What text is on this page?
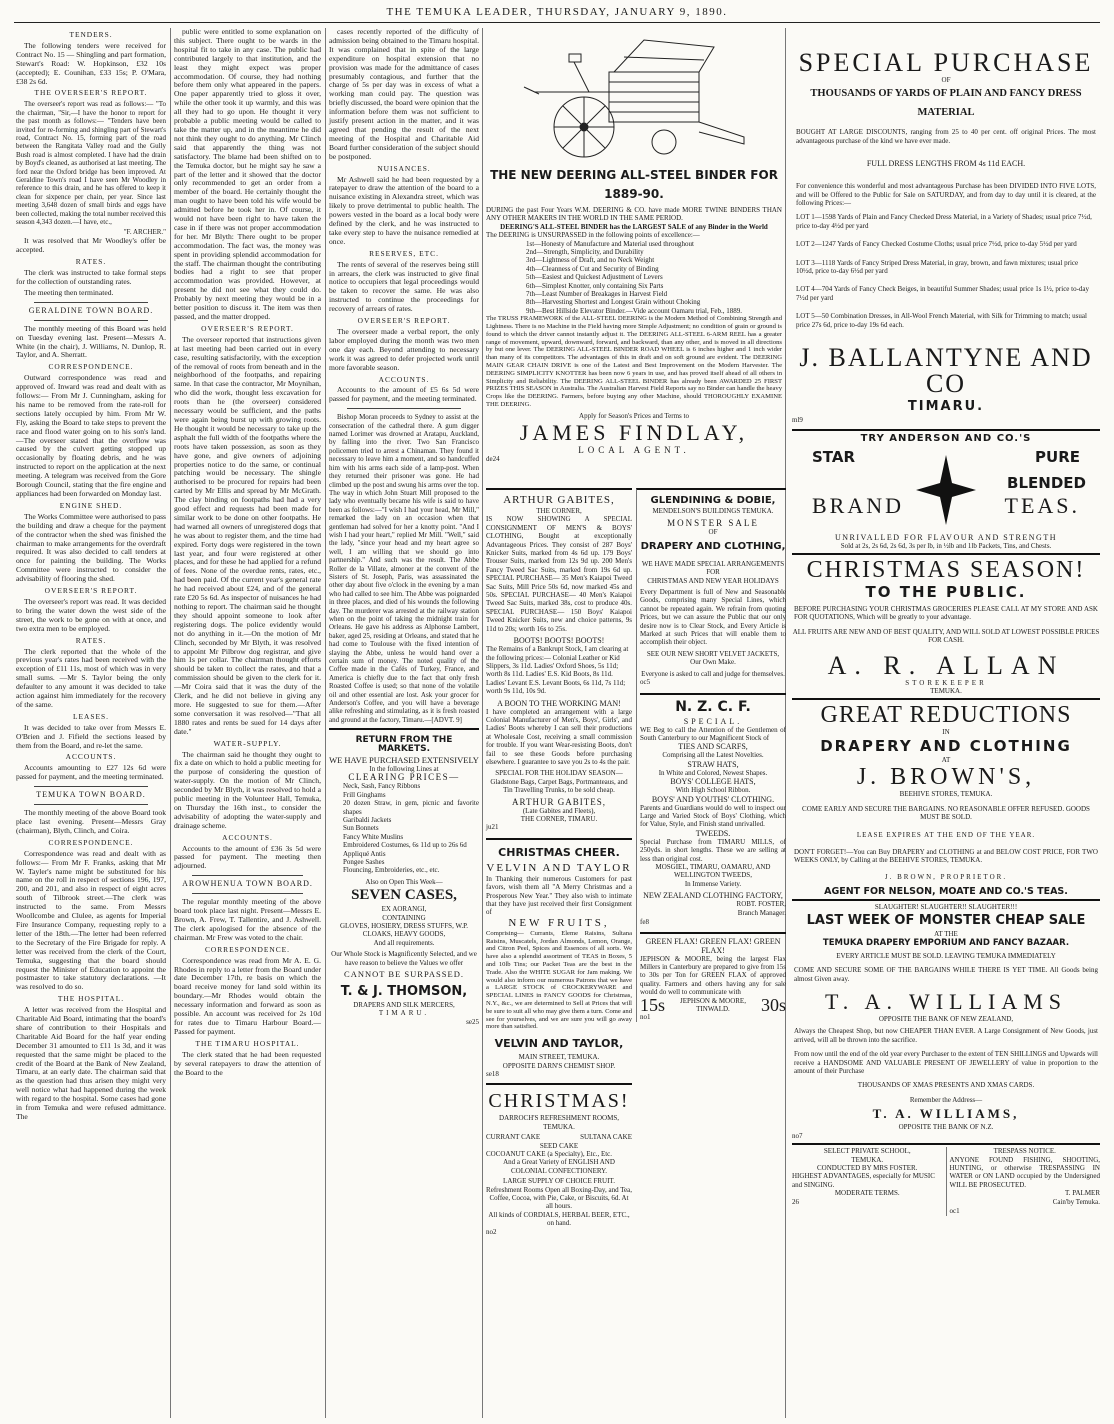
THE TEMUKA LEADER, THURSDAY, JANUARY 9, 1890.
TENDERS.

The following tenders were received for Contract No. 15 — Shingling and part formation, Stewart's Road: W. Hopkinson, £32 10s (accepted); E. Counihan, £33 15s; P. O'Mara, £38 2s 6d.

THE OVERSEER'S REPORT.

The overseer's report was read as follows:— "To the chairman, "Sir,—I have the honor to report for the past month as follows:— "Tenders have been invited for re-forming and shingling part of Stewart's road, Contract No. 15, forming part of the road between the Rangitata Valley road and the Gully Bush road is almost completed. I have had the drain by Boyd's cleaned, as authorised at last meeting. The ford near the Oxford bridge has been improved. At Geraldine Town's road I have seen Mr Woodley in reference to this drain, and he has offered to keep it clean for sixpence per chain, per year. Since last meeting 3,648 dozen of small birds and eggs have been collected, making the total number received this season 4,343 dozen.—I have, etc.,

"F. ARCHER."

It was resolved that Mr Woodley's offer be accepted.

RATES.

The clerk was instructed to take formal steps for the collection of outstanding rates.

The meeting then terminated.

GERALDINE TOWN BOARD.

The monthly meeting of this Board was held on Tuesday evening last. Present—Messrs A. White (in the chair), J. Williams, N. Dunlop, R. Taylor, and A. Sherratt.

CORRESPONDENCE.

Outward correspondence was read and approved of. Inward was read and dealt with as follows:— From Mr J. Cunningham, asking for his name to be removed from the rate-roll for sections lately occupied by him. From Mr W. Fly, asking the Board to take steps to prevent the race and flood water going on to his son's land. —The overseer stated that the overflow was caused by the culvert getting stopped up occasionally by floating debris, and he was instructed to report on the application at the next meeting. A telegram was received from the Gore Borough Council, stating that the fire engine and appliances had been forwarded on Monday last.

ENGINE SHED.

The Works Committee were authorised to pass the building and draw a cheque for the payment of the contractor when the shed was finished the chairman to make arrangements for the overdraft required. It was also decided to call tenders at once for painting the building. The Works Committee were instructed to consider the advisability of flooring the shed.

OVERSEER'S REPORT.

The overseer's report was read. It was decided to bring the water down the west side of the street, the work to be gone on with at once, and two extra men to be employed.

RATES.

The clerk reported that the whole of the previous year's rates had been received with the exception of £11 11s, most of which was in very small sums. —Mr S. Taylor being the only defaulter to any amount it was decided to take action against him immediately for the recovery of the same.

LEASES.

It was decided to take over from Messrs E. O'Brien and J. Fifield the sections leased by them from the Board, and re-let the same.

ACCOUNTS.

Accounts amounting to £27 12s 6d were passed for payment, and the meeting terminated.

TEMUKA TOWN BOARD.

The monthly meeting of the above Board took place last evening. Present—Messrs Gray (chairman), Blyth, Clinch, and Coira.

CORRESPONDENCE.

Correspondence was read and dealt with as follows:— From Mr F. Franks, asking that Mr W. Tayler's name might be substituted for his name on the roll in respect of sections 196, 197, 200, and 201, and also in respect of eight acres south of Tilbrook street.—The clerk was instructed to the same. From Messrs Woollcombe and Clulee, as agents for Imperial Fire Insurance Company, requesting reply to a letter of the 18th.—The letter had been referred to the Secretary of the Fire Brigade for reply. A letter was received from the clerk of the Court, Temuka, suggesting that the board should request the Minister of Education to appoint the postmaster to take statutory declarations. —It was resolved to do so.

THE HOSPITAL.

A letter was received from the Hospital and Charitable Aid Board, intimating that the board's share of contribution to their Hospitals and Charitable Aid Board for the half year ending December 31 amounted to £11 1s 3d, and it was requested that the same might be placed to the credit of the Board at the Bank of New Zealand, Timaru, at an early date. The chairman said that as the question had thus arisen they might very well notice what had happened during the week with regard to the hospital. Some cases had gone in from Temuka and were refused admittance. The

public were entitled to some explanation on this subject. There ought to be wards in the hospital fit to take in any case. The public had contributed largely to that institution, and the least they might expect was proper accommodation. Of course, they had nothing before them only what appeared in the papers. One paper apparently tried to gloss it over, while the other took it up warmly, and this was all they had to go upon. He thought it very probable a public meeting would be called to take the matter up, and in the meantime he did not think they ought to do anything. Mr Clinch said that apparently the thing was not satisfactory. The blame had been shifted on to the Temuka doctor, but he might say he saw a part of the letter and it showed that the doctor only recommended to get an order from a member of the board. He certainly thought the man ought to have been told his wife would be admitted before he took her in. Of course, it would not have been right to have taken the case in if there was not proper accommodation for her. Mr Blyth: There ought to be proper accommodation. The fact was, the money was spent in providing splendid accommodation for the staff. The chairman thought the contributing bodies had a right to see that proper accommodation was provided. However, at present he did not see what they could do. Probably by next meeting they would be in a better position to discuss it. The item was then passed, and the matter dropped.

OVERSEER'S REPORT.

The overseer reported that instructions given at last meeting had been carried out in every case, resulting satisfactorily, with the exception of the removal of roots from beneath and in the neighborhood of the footpaths, and repairing same. In that case the contractor, Mr Moynihan, who did the work, thought less excavation for roots than he (the overseer) considered necessary would be sufficient, and the paths were again being burst up with growing roots. He thought it would be necessary to take up the asphalt the full width of the footpaths where the roots have taken possession, as soon as they have gone, and give owners of adjoining properties notice to do the same, or continual patching would be necessary. The shingle authorised to be procured for repairs had been carted by Mr Ellis and spread by Mr McGrath. The clay binding on footpaths had had a very good effect and requests had been made for similar work to be done on other footpaths. He had warned all owners of unregistered dogs that he was about to register them, and the time had expired. Forty dogs were registered in the town last year, and four were registered at other places, and for these he had applied for a refund of fees. None of the overdue rents, rates, etc., had been paid. Of the current year's general rate he had received about £24, and of the general rate £20 5s 6d. As inspector of nuisances he had nothing to report. The chairman said he thought they should appoint someone to look after registering dogs. The police evidently would not do anything in it.—On the motion of Mr Clinch, seconded by Mr Blyth, it was resolved to appoint Mr Pilbrow dog registrar, and give him 1s per collar. The chairman thought efforts should be taken to collect the rates, and that a commission should be given to the clerk for it.—Mr Coira said that it was the duty of the Clerk, and he did not believe in giving any more. He suggested to sue for them.—After some conversation it was resolved—"That all 1880 rates and rents be sued for 14 days after date."

WATER-SUPPLY.

The chairman said he thought they ought to fix a date on which to hold a public meeting for the purpose of considering the question of water-supply. On the motion of Mr Clinch, seconded by Mr Blyth, it was resolved to hold a public meeting in the Volunteer Hall, Temuka, on Thursday the 16th inst., to consider the advisability of adopting the water-supply and drainage scheme.

ACCOUNTS.

Accounts to the amount of £36 3s 5d were passed for payment. The meeting then adjourned.

AROWHENUA TOWN BOARD.

The regular monthly meeting of the above board took place last night. Present—Messrs E. Brown, A. Frew, T. Tallentire, and J. Ashwell. The clerk apologised for the absence of the chairman. Mr Frew was voted to the chair.

CORRESPONDENCE.

Correspondence was read from Mr A. E. G. Rhodes in reply to a letter from the Board under date December 17th, re basis on which the board receive money for land sold within its boundary.—Mr Rhodes would obtain the necessary information and forward as soon as possible. An account was received for 2s 10d for rates due to Timaru Harbour Board.—Passed for payment.

THE TIMARU HOSPITAL.

The clerk stated that he had been requested by several ratepayers to draw the attention of the Board to the

cases recently reported of the difficulty of admission being obtained to the Timaru hospital. It was complained that in spite of the large expenditure on hospital extension that no provision was made for the admittance of cases presumably contagious, and further that the charge of 5s per day was in excess of what a working man could pay. The question was briefly discussed, the board were opinion that the information before them was not sufficient to justify present action in the matter, and it was agreed that pending the result of the next meeting of the Hospital and Charitable Aid Board further consideration of the subject should be postponed.

NUISANCES.

Mr Ashwell said he had been requested by a ratepayer to draw the attention of the board to a nuisance existing in Alexandra street, which was likely to prove detrimental to public health. The powers vested in the board as a local body were defined by the clerk, and he was instructed to take every step to have the nuisance remedied at once.

RESERVES, ETC.

The rents of several of the reserves being still in arrears, the clerk was instructed to give final notice to occupiers that legal proceedings would be taken to recover the same. He was also instructed to continue the proceedings for recovery of arrears of rates.

OVERSEER'S REPORT.

The overseer made a verbal report, the only labor employed during the month was two men one day each. Beyond attending to necessary work it was agreed to defer projected work until more favorable season.

ACCOUNTS.

Accounts to the amount of £5 6s 5d were passed for payment, and the meeting terminated.

Bishop Moran proceeds to Sydney to assist at the consecration of the cathedral there. A gum digger named Lorimer was drowned at Aratapu, Auckland, by falling into the river. Two San Francisco policemen tried to arrest a Chinaman. They found it necessary to leave him a moment, and so handcuffed him with his arms each side of a lamp-post. When they returned their prisoner was gone. He had climbed up the post and swung his arms over the top. The way in which John Stuart Mill proposed to the lady who eventually became his wife is said to have been as follows:—"I wish I had your head, Mr Mill," remarked the lady on an occasion when that gentleman had solved for her a knotty point. "And I wish I had your heart," replied Mr Mill. "Well," said the lady, "since your head and my heart agree so well, I am willing that we should go into partnership." And such was the result. The Abbe Roller de la Villate, almoner at the convent of the Sisters of St. Joseph, Paris, was assassinated the other day about five o'clock in the evening by a man who had called to see him. The Abbe was poignarded in three places, and died of his wounds the following day. The murderer was arrested at the railway station when on the point of taking the midnight train for Orleans. He gave his address as Alphonse Lambert, baker, aged 25, residing at Orleans, and stated that he had come to Toulouse with the fixed intention of slaying the Abbe, unless he would hand over a certain sum of money. The noted quality of the Coffee made in the Cafés of Turkey, France, and America is chiefly due to the fact that only fresh Roasted Coffee is used; so that none of the volatile oil and other essential are lost. Ask your grocer for Anderson's Coffee, and you will have a beverage alike refreshing and stimulating, as it is fresh roasted and ground at the factory, Timaru.—[ADVT. 9]

RETURN FROM THE MARKETS.
WE HAVE PURCHASED EXTENSIVELY
In the following Lines at
CLEARING PRICES—
Neck, Sash, Fancy Ribbons
Frill Ginghams
20 dozen Straw, in gem, picnic and favorite shapes
Garibaldi Jackets
Sun Bonnets
Fancy White Muslins
Embroidered Costumes, 6s 11d up to 26s 6d
Appliqué Antis
Pongee Sashes
Flouncing, Embroideries, etc., etc.
Also on Open This Week—
SEVEN CASES,
EX AORANGI,
CONTAINING
GLOVES, HOSIERY, DRESS STUFFS, W.P. CLOAKS, HEAVY GOODS,
And all requirements.
Our Whole Stock is Magnificently Selected, and we have reason to believe the Values we offer
CANNOT BE SURPASSED.
T. & J. THOMSON,
DRAPERS AND SILK MERCERS,
TIMARU.
se25
THE NEW DEERING ALL-STEEL BINDER FOR 1889-90.
DURING the past Four Years W.M. DEERING & CO. have made MORE TWINE BINDERS THAN ANY OTHER MAKERS IN THE WORLD IN THE SAME PERIOD.
DEERING'S ALL-STEEL BINDER has the LARGEST SALE of any Binder in the World
The DEERING is UNSURPASSED in the following points of excellence:—
1st—Honesty of Manufacture and Material used throughout
2nd—Strength, Simplicity, and Durability
3rd—Lightness of Draft, and no Neck Weight
4th—Cleanness of Cut and Security of Binding
5th—Easiest and Quickest Adjustment of Levers
6th—Simplest Knotter, only containing Six Parts
7th—Least Number of Breakages in Harvest Field
8th—Harvesting Shortest and Longest Grain without Choking
9th—Best Hillside Elevator Binder.—Vide account Oamaru trial, Feb., 1889.
The TRUSS FRAMEWORK of the ALL-STEEL DEERING is the Modern Method of Combining Strength and Lightness. There is no Machine in the Field having more Simple Adjustment; no condition of grain or ground is found to which the driver cannot instantly adjust it. The DEERING ALL-STEEL 6-ARM REEL has a greater range of movement, upward, downward, forward, and backward, than any other, and is moved in all directions by but one lever. The DEERING ALL-STEEL BINDER ROAD WHEEL is 6 inches higher and 1 inch wider than many of its competitors. The advantages of this in draft and on soft ground are evident. The DEERING MAIN GEAR CHAIN DRIVE is one of the Latest and Best Improvement on the Modern Harvester. The DEERING SIMPLICITY KNOTTER has been now 6 years in use, and has proved itself ahead of all others in Simplicity and Reliability. The DEERING ALL-STEEL BINDER has already been AWARDED 25 FIRST PRIZES THIS SEASON in Australia. The Australian Harvest Field Reports say no Binder can handle the heavy Crops like the DEERING. Farmers, before buying any other Machine, should THOROUGHLY EXAMINE THE DEERING.
Apply for Season's Prices and Terms to
JAMES FINDLAY,
LOCAL AGENT.
de24
ARTHUR GABITES,
THE CORNER,
IS NOW SHOWING A SPECIAL CONSIGNMENT OF MEN'S & BOYS' CLOTHING, Bought at exceptionally Advantageous Prices. They consist of 287 Boys' Knicker Suits, marked from 4s 6d up. 179 Boys' Trouser Suits, marked from 12s 9d up. 200 Men's Fancy Tweed Sac Suits, marked from 19s 6d up. SPECIAL PURCHASE— 35 Men's Kaiapoi Tweed Sac Suits, Mill Price 50s 6d, now marked 45s and 50s. SPECIAL PURCHASE— 40 Men's Kaiapoi Tweed Sac Suits, marked 38s, cost to produce 40s. SPECIAL PURCHASE— 150 Boys' Kaiapoi Tweed Knicker Suits, new and choice patterns, 9s 11d to 20s; worth 16s to 25s.
BOOTS! BOOTS! BOOTS!
The Remains of a Bankrupt Stock, I am clearing at the following prices:— Colonial Leather or Kid Slippers, 3s 11d. Ladies' Oxford Shoes, 5s 11d; worth 8s 11d. Ladies' E.S. Kid Boots, 8s 11d. Ladies' Levant E.S. Levant Boots, 6s 11d, 7s 11d; worth 9s 11d, 10s 9d.
A BOON TO THE WORKING MAN!
I have completed an arrangement with a large Colonial Manufacturer of Men's, Boys', Girls', and Ladies' Boots whereby I can sell their productions at Wholesale Cost, receiving a small commission for trouble. If you want Wear-resisting Boots, don't fail to see these Goods before purchasing elsewhere. I guarantee to save you 2s to 4s the pair.
SPECIAL FOR THE HOLIDAY SEASON—
Gladstone Bags, Carpet Bags, Portmanteaus, and Tin Travelling Trunks, to be sold cheap.
ARTHUR GABITES,
(Late Gabites and Fleets),
THE CORNER, TIMARU.
ju21
CHRISTMAS CHEER.
VELVIN AND TAYLOR
In Thanking their numerous Customers for past favors, wish them all "A Merry Christmas and a Prosperous New Year." They also wish to intimate that they have just received their first Consignment of
NEW FRUITS,
Comprising— Currants, Eleme Raisins, Sultana Raisins, Muscatels, Jordan Almonds, Lemon, Orange, and Citron Peel, Spices and Essences of all sorts. We have also a splendid assortment of TEAS in Boxes, 5 and 10lb Tins; our Packet Teas are the best in the Trade. Also the WHITE SUGAR for Jam making. We would also inform our numerous Patrons that we have a LARGE STOCK of CROCKERYWARE and SPECIAL LINES in FANCY GOODS for Christmas, N.Y., &c., we are determined to Sell at Prices that will be sure to suit all who may give them a turn. Come and see for yourselves, and we are sure you will go away more than satisfied.
VELVIN AND TAYLOR,
MAIN STREET, TEMUKA.
OPPOSITE DARN'S CHEMIST SHOP.
se18
CHRISTMAS!
DARROCH'S REFRESHMENT ROOMS, TEMUKA.
CURRANT CAKE	SULTANA CAKE
SEED CAKE
COCOANUT CAKE (a Specialty), Etc., Etc.
And a Great Variety of ENGLISH AND COLONIAL CONFECTIONERY.
LARGE SUPPLY OF CHOICE FRUIT.
Refreshment Rooms Open all Boxing-Day, and Tea, Coffee, Cocoa, with Pie, Cake, or Biscuits, 6d. At all hours.
All kinds of CORDIALS, HERBAL BEER, ETC., on hand.
no2
GLENDINING & DOBIE,
MENDELSON'S BUILDINGS TEMUKA.
MONSTER SALE
OF
DRAPERY AND CLOTHING,
WE HAVE MADE SPECIAL ARRANGEMENTS
FOR
CHRISTMAS AND NEW YEAR HOLIDAYS
Every Department is full of New and Seasonable Goods, comprising many Special Lines, which cannot be repeated again. We refrain from quoting Prices, but we can assure the Public that our only desire now is to Clear Stock, and Every Article is Marked at such Prices that will enable them to accomplish their object.
SEE OUR NEW SHORT VELVET JACKETS,
Our Own Make.
Everyone is asked to call and judge for themselves.
oc5
N. Z. C. F.
SPECIAL.
WE Beg to call the Attention of the Gentlemen of South Canterbury to our Magnificent Stock of
TIES AND SCARFS,
Comprising all the Latest Novelties.
STRAW HATS,
In White and Colored, Newest Shapes.
BOYS' COLLEGE HATS,
With High School Ribbon.
BOYS' AND YOUTHS' CLOTHING.
Parents and Guardians would do well to inspect our Large and Varied Stock of Boys' Clothing, which for Value, Style, and Finish stand unrivalled.
TWEEDS.
Special Purchase from TIMARU MILLS, of 250yds. in short lengths. These we are selling at less than original cost.
MOSGIEL, TIMARU, OAMARU, AND WELLINGTON TWEEDS,
In Immense Variety.
NEW ZEALAND CLOTHING FACTORY,
ROBT. FOSTER,
Branch Manager.
fe8
GREEN FLAX! GREEN FLAX! GREEN FLAX!
JEPHSON & MOORE, being the largest Flax Millers in Canterbury are prepared to give from 15s to 30s per Ton for GREEN FLAX of approved quality. Farmers and others having any for sale would do well to communicate with
15s JEPHSON & MOORE,
TINWALD.	30s
no1
SPECIAL PURCHASE
OF
THOUSANDS OF YARDS OF PLAIN AND FANCY DRESS MATERIAL
BOUGHT AT LARGE DISCOUNTS, ranging from 25 to 40 per cent. off original Prices. The most advantageous purchase of the kind we have ever made.
FULL DRESS LENGTHS FROM 4s 11d EACH.
For convenience this wonderful and most advantageous Purchase has been DIVIDED INTO FIVE LOTS, and will be Offered to the Public for Sale on SATURDAY, and from day to day until it is cleared, at the following Prices:—
LOT 1—1598 Yards of Plain and Fancy Checked Dress Material, in a Variety of Shades; usual price 7½d, price to-day 4½d per yard
LOT 2—1247 Yards of Fancy Checked Costume Cloths; usual price 7½d, price to-day 5½d per yard
LOT 3—1118 Yards of Fancy Striped Dress Material, in gray, brown, and fawn mixtures; usual price 10½d, price to-day 6½d per yard
LOT 4—704 Yards of Fancy Check Beiges, in beautiful Summer Shades; usual price 1s 1½, price to-day 7½d per yard
LOT 5—50 Combination Dresses, in All-Wool French Material, with Silk for Trimming to match; usual price 27s 6d, price to-day 19s 6d each.
J. BALLANTYNE AND CO
TIMARU.
ml9
TRY ANDERSON AND CO.'S
STAR	PURE
BLENDED
BRAND	TEAS.
UNRIVALLED FOR FLAVOUR AND STRENGTH
Sold at 2s, 2s 6d, 2s 6d, 3s per lb, in ½lb and 1lb Packets, Tins, and Chests.
CHRISTMAS SEASON!
TO THE PUBLIC.
BEFORE PURCHASING YOUR CHRISTMAS GROCERIES PLEASE CALL AT MY STORE AND ASK FOR QUOTATIONS, Which will be greatly to your advantage.
ALL FRUITS ARE NEW AND OF BEST QUALITY, AND WILL SOLD AT LOWEST POSSIBLE PRICES FOR CASH.
A. R. ALLAN
STOREKEEPER
TEMUKA.
GREAT REDUCTIONS
IN
DRAPERY AND CLOTHING
AT
J. BROWN'S,
BEEHIVE STORES, TEMUKA.
COME EARLY AND SECURE THE BARGAINS. NO REASONABLE OFFER REFUSED. GOODS MUST BE SOLD.
LEASE EXPIRES AT THE END OF THE YEAR.
DON'T FORGET!—You can Buy DRAPERY and CLOTHING at and BELOW COST PRICE, FOR TWO WEEKS ONLY, by Calling at the BEEHIVE STORES, TEMUKA.
J. BROWN, PROPRIETOR.
AGENT FOR NELSON, MOATE AND CO.'S TEAS.
SLAUGHTER! SLAUGHTER!! SLAUGHTER!!!
LAST WEEK OF MONSTER CHEAP SALE
AT THE
TEMUKA DRAPERY EMPORIUM AND FANCY BAZAAR.
EVERY ARTICLE MUST BE SOLD. LEAVING TEMUKA IMMEDIATELY
COME AND SECURE SOME OF THE BARGAINS WHILE THERE IS YET TIME. All Goods being almost Given away.
T. A. WILLIAMS
OPPOSITE THE BANK OF NEW ZEALAND,
Always the Cheapest Shop, but now CHEAPER THAN EVER. A Large Consignment of New Goods, just arrived, will all be thrown into the sacrifice.
From now until the end of the old year every Purchaser to the extent of TEN SHILLINGS and Upwards will receive a HANDSOME AND VALUABLE PRESENT OF JEWELLERY of value in proportion to the amount of their Purchase
THOUSANDS OF XMAS PRESENTS AND XMAS CARDS.
Remember the Address—
T. A. WILLIAMS,
OPPOSITE THE BANK OF N.Z.
no7
SELECT PRIVATE SCHOOL,
TEMUKA.
CONDUCTED BY MRS FOSTER.
HIGHEST ADVANTAGES, especially for MUSIC and SINGING.
MODERATE TERMS.
26
TRESPASS NOTICE.
ANYONE FOUND FISHING, SHOOTING, HUNTING, or otherwise TRESPASSING IN WATER or ON LAND occupied by the Undersigned WILL BE PROSECUTED.
T. PALMER
Cain'by Temuka.
oc1
